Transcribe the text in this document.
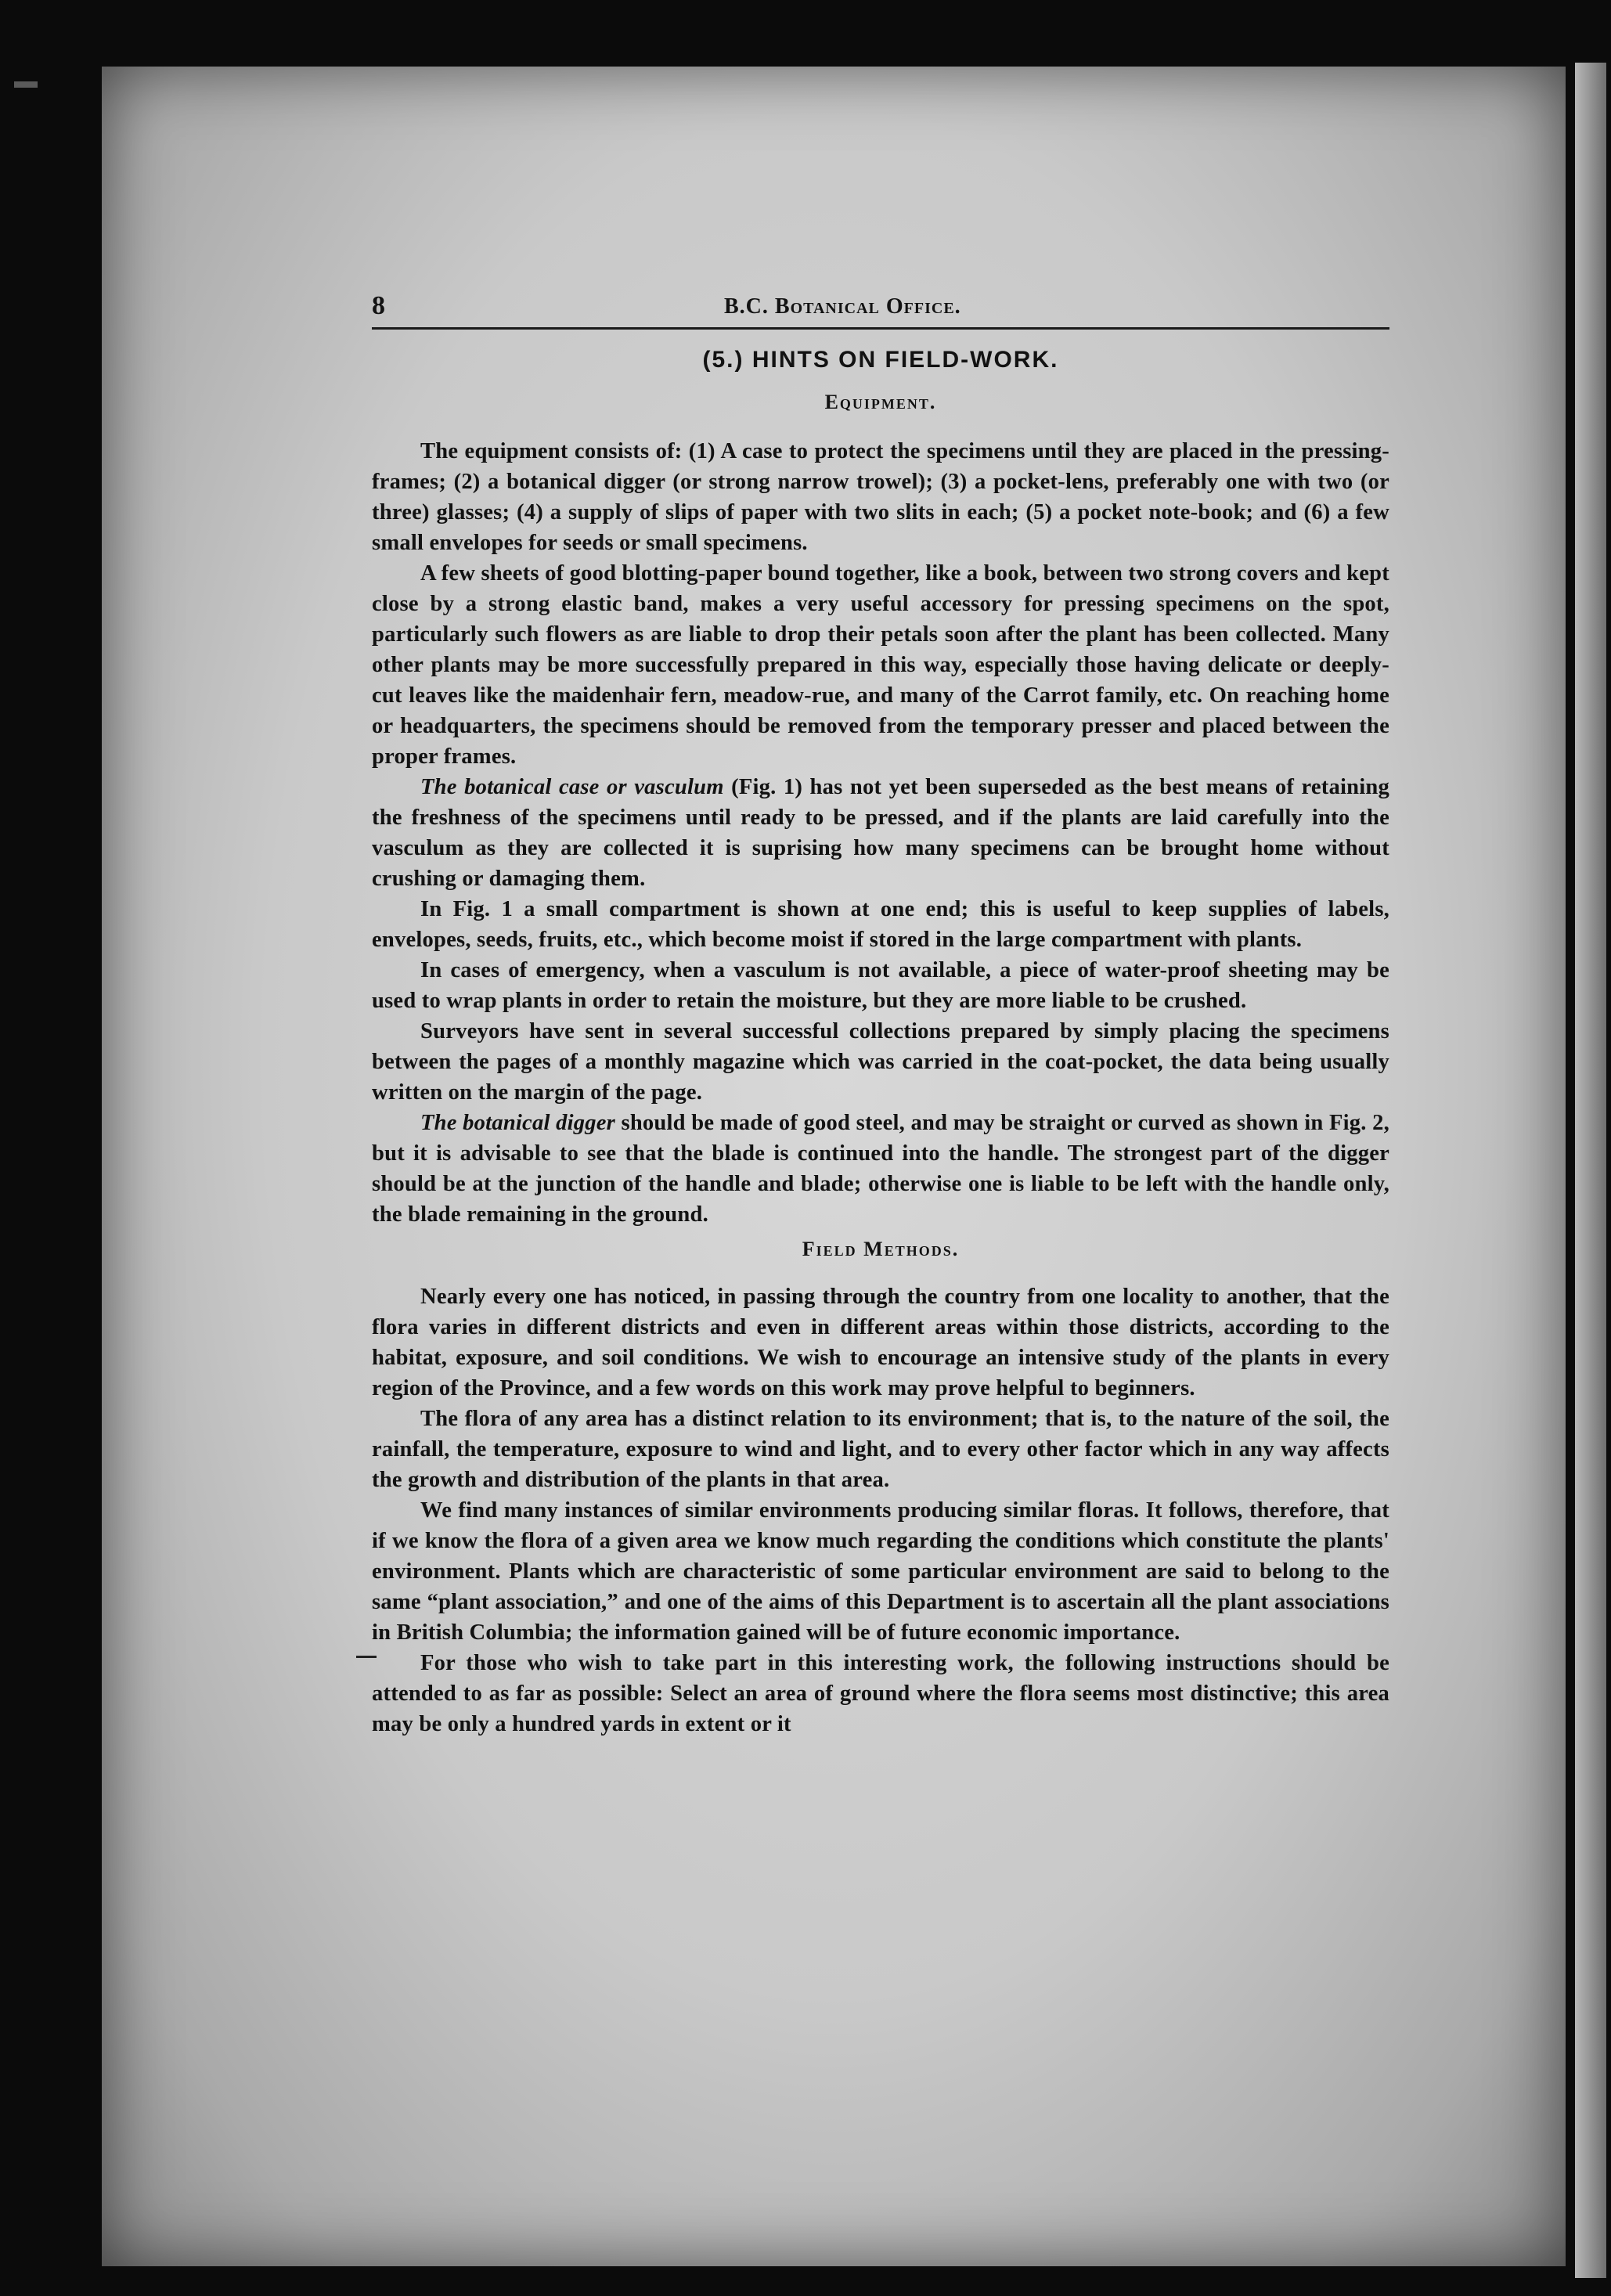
8	B.C. Botanical Office.
(5.) HINTS ON FIELD-WORK.
Equipment.

The equipment consists of: (1) A case to protect the specimens until they are placed in the pressing-frames; (2) a botanical digger (or strong narrow trowel); (3) a pocket-lens, preferably one with two (or three) glasses; (4) a supply of slips of paper with two slits in each; (5) a pocket note-book; and (6) a few small envelopes for seeds or small specimens.

A few sheets of good blotting-paper bound together, like a book, between two strong covers and kept close by a strong elastic band, makes a very useful accessory for pressing specimens on the spot, particularly such flowers as are liable to drop their petals soon after the plant has been collected. Many other plants may be more successfully prepared in this way, especially those having delicate or deeply-cut leaves like the maidenhair fern, meadow-rue, and many of the Carrot family, etc. On reaching home or headquarters, the specimens should be removed from the temporary presser and placed between the proper frames.

The botanical case or vasculum (Fig. 1) has not yet been superseded as the best means of retaining the freshness of the specimens until ready to be pressed, and if the plants are laid carefully into the vasculum as they are collected it is suprising how many specimens can be brought home without crushing or damaging them.

In Fig. 1 a small compartment is shown at one end; this is useful to keep supplies of labels, envelopes, seeds, fruits, etc., which become moist if stored in the large compartment with plants.

In cases of emergency, when a vasculum is not available, a piece of water-proof sheeting may be used to wrap plants in order to retain the moisture, but they are more liable to be crushed.

Surveyors have sent in several successful collections prepared by simply placing the specimens between the pages of a monthly magazine which was carried in the coat-pocket, the data being usually written on the margin of the page.

The botanical digger should be made of good steel, and may be straight or curved as shown in Fig. 2, but it is advisable to see that the blade is continued into the handle. The strongest part of the digger should be at the junction of the handle and blade; otherwise one is liable to be left with the handle only, the blade remaining in the ground.

Field Methods.

Nearly every one has noticed, in passing through the country from one locality to another, that the flora varies in different districts and even in different areas within those districts, according to the habitat, exposure, and soil conditions. We wish to encourage an intensive study of the plants in every region of the Province, and a few words on this work may prove helpful to beginners.

The flora of any area has a distinct relation to its environment; that is, to the nature of the soil, the rainfall, the temperature, exposure to wind and light, and to every other factor which in any way affects the growth and distribution of the plants in that area.

We find many instances of similar environments producing similar floras. It follows, therefore, that if we know the flora of a given area we know much regarding the conditions which constitute the plants' environment. Plants which are characteristic of some particular environment are said to belong to the same “plant association,” and one of the aims of this Department is to ascertain all the plant associations in British Columbia; the information gained will be of future economic importance.

For those who wish to take part in this interesting work, the following instructions should be attended to as far as possible: Select an area of ground where the flora seems most distinctive; this area may be only a hundred yards in extent or it
